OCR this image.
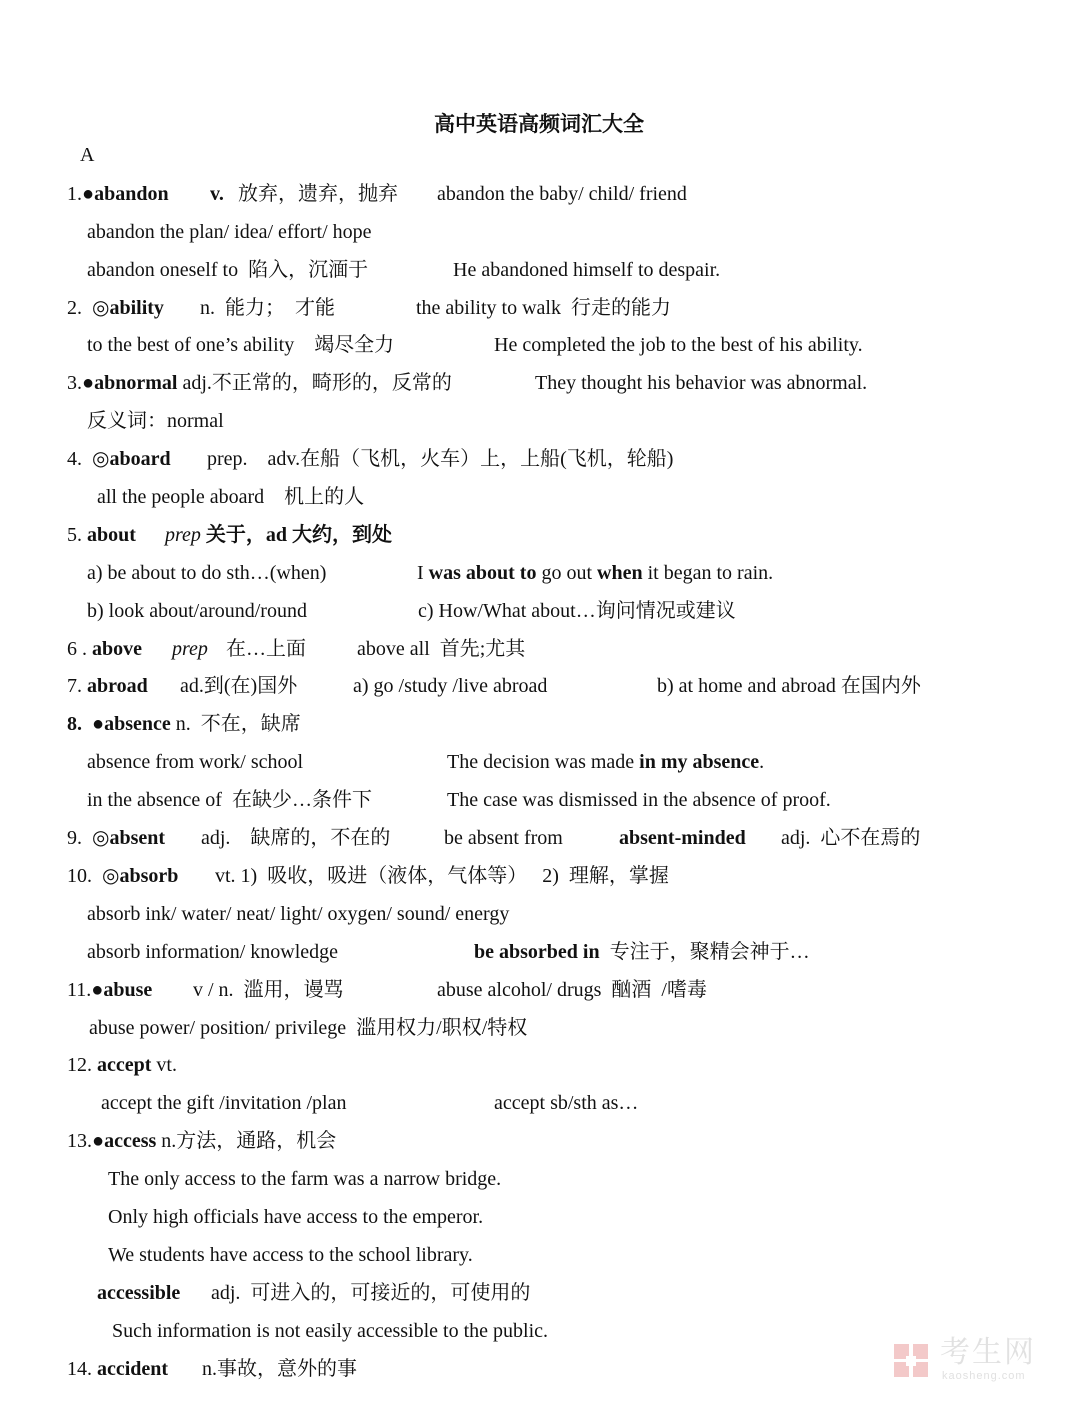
高中英语高频词汇大全
A
1.●abandon v. 放弃，遗弃，抛弃 abandon the baby/ child/ friend
abandon the plan/ idea/ effort/ hope
abandon oneself to  陷入，沉湎于	He abandoned himself to despair.
2.  ◎ability n.  能力；  才能	the ability to walk  行走的能力
to the best of one’s ability    竭尽全力	He completed the job to the best of his ability.
3.●abnormal adj.不正常的，畸形的，反常的	They thought his behavior was abnormal.
反义词：normal
4.  ◎aboard prep.    adv.在船（飞机，火车）上，上船(飞机，轮船)
all the people aboard    机上的人
5. about prep 关于，ad 大约，到处
a) be about to do sth…(when)	I was about to go out when it began to rain.
b) look about/around/round	c) How/What about…询问情况或建议
6 . above prep 在…上面	above all  首先;尤其
7. abroad ad.到(在)国外	a) go /study /live abroad	b) at home and abroad 在国内外
8.  ●absence n.  不在，缺席
absence from work/ school	The decision was made in my absence.
in the absence of  在缺少…条件下	The case was dismissed in the absence of proof.
9.  ◎absent adj.    缺席的，不在的	be absent from	absent-minded adj.  心不在焉的
10.  ◎absorb vt. 1)  吸收，吸进（液体，气体等）   2)  理解，掌握
absorb ink/ water/ neat/ light/ oxygen/ sound/ energy
absorb information/ knowledge	be absorbed in  专注于，聚精会神于…
11.●abuse v / n.  滥用，谩骂	abuse alcohol/ drugs  酗酒  /嗜毒
abuse power/ position/ privilege  滥用权力/职权/特权
12. accept vt.
accept the gift /invitation /plan	accept sb/sth as…
13.●access n.方法，通路，机会
The only access to the farm was a narrow bridge.
Only high officials have access to the emperor.
We students have access to the school library.
accessible adj.  可进入的，可接近的，可使用的
Such information is not easily accessible to the public.
14. accident n.事故，意外的事	考生网
kaosheng.com
